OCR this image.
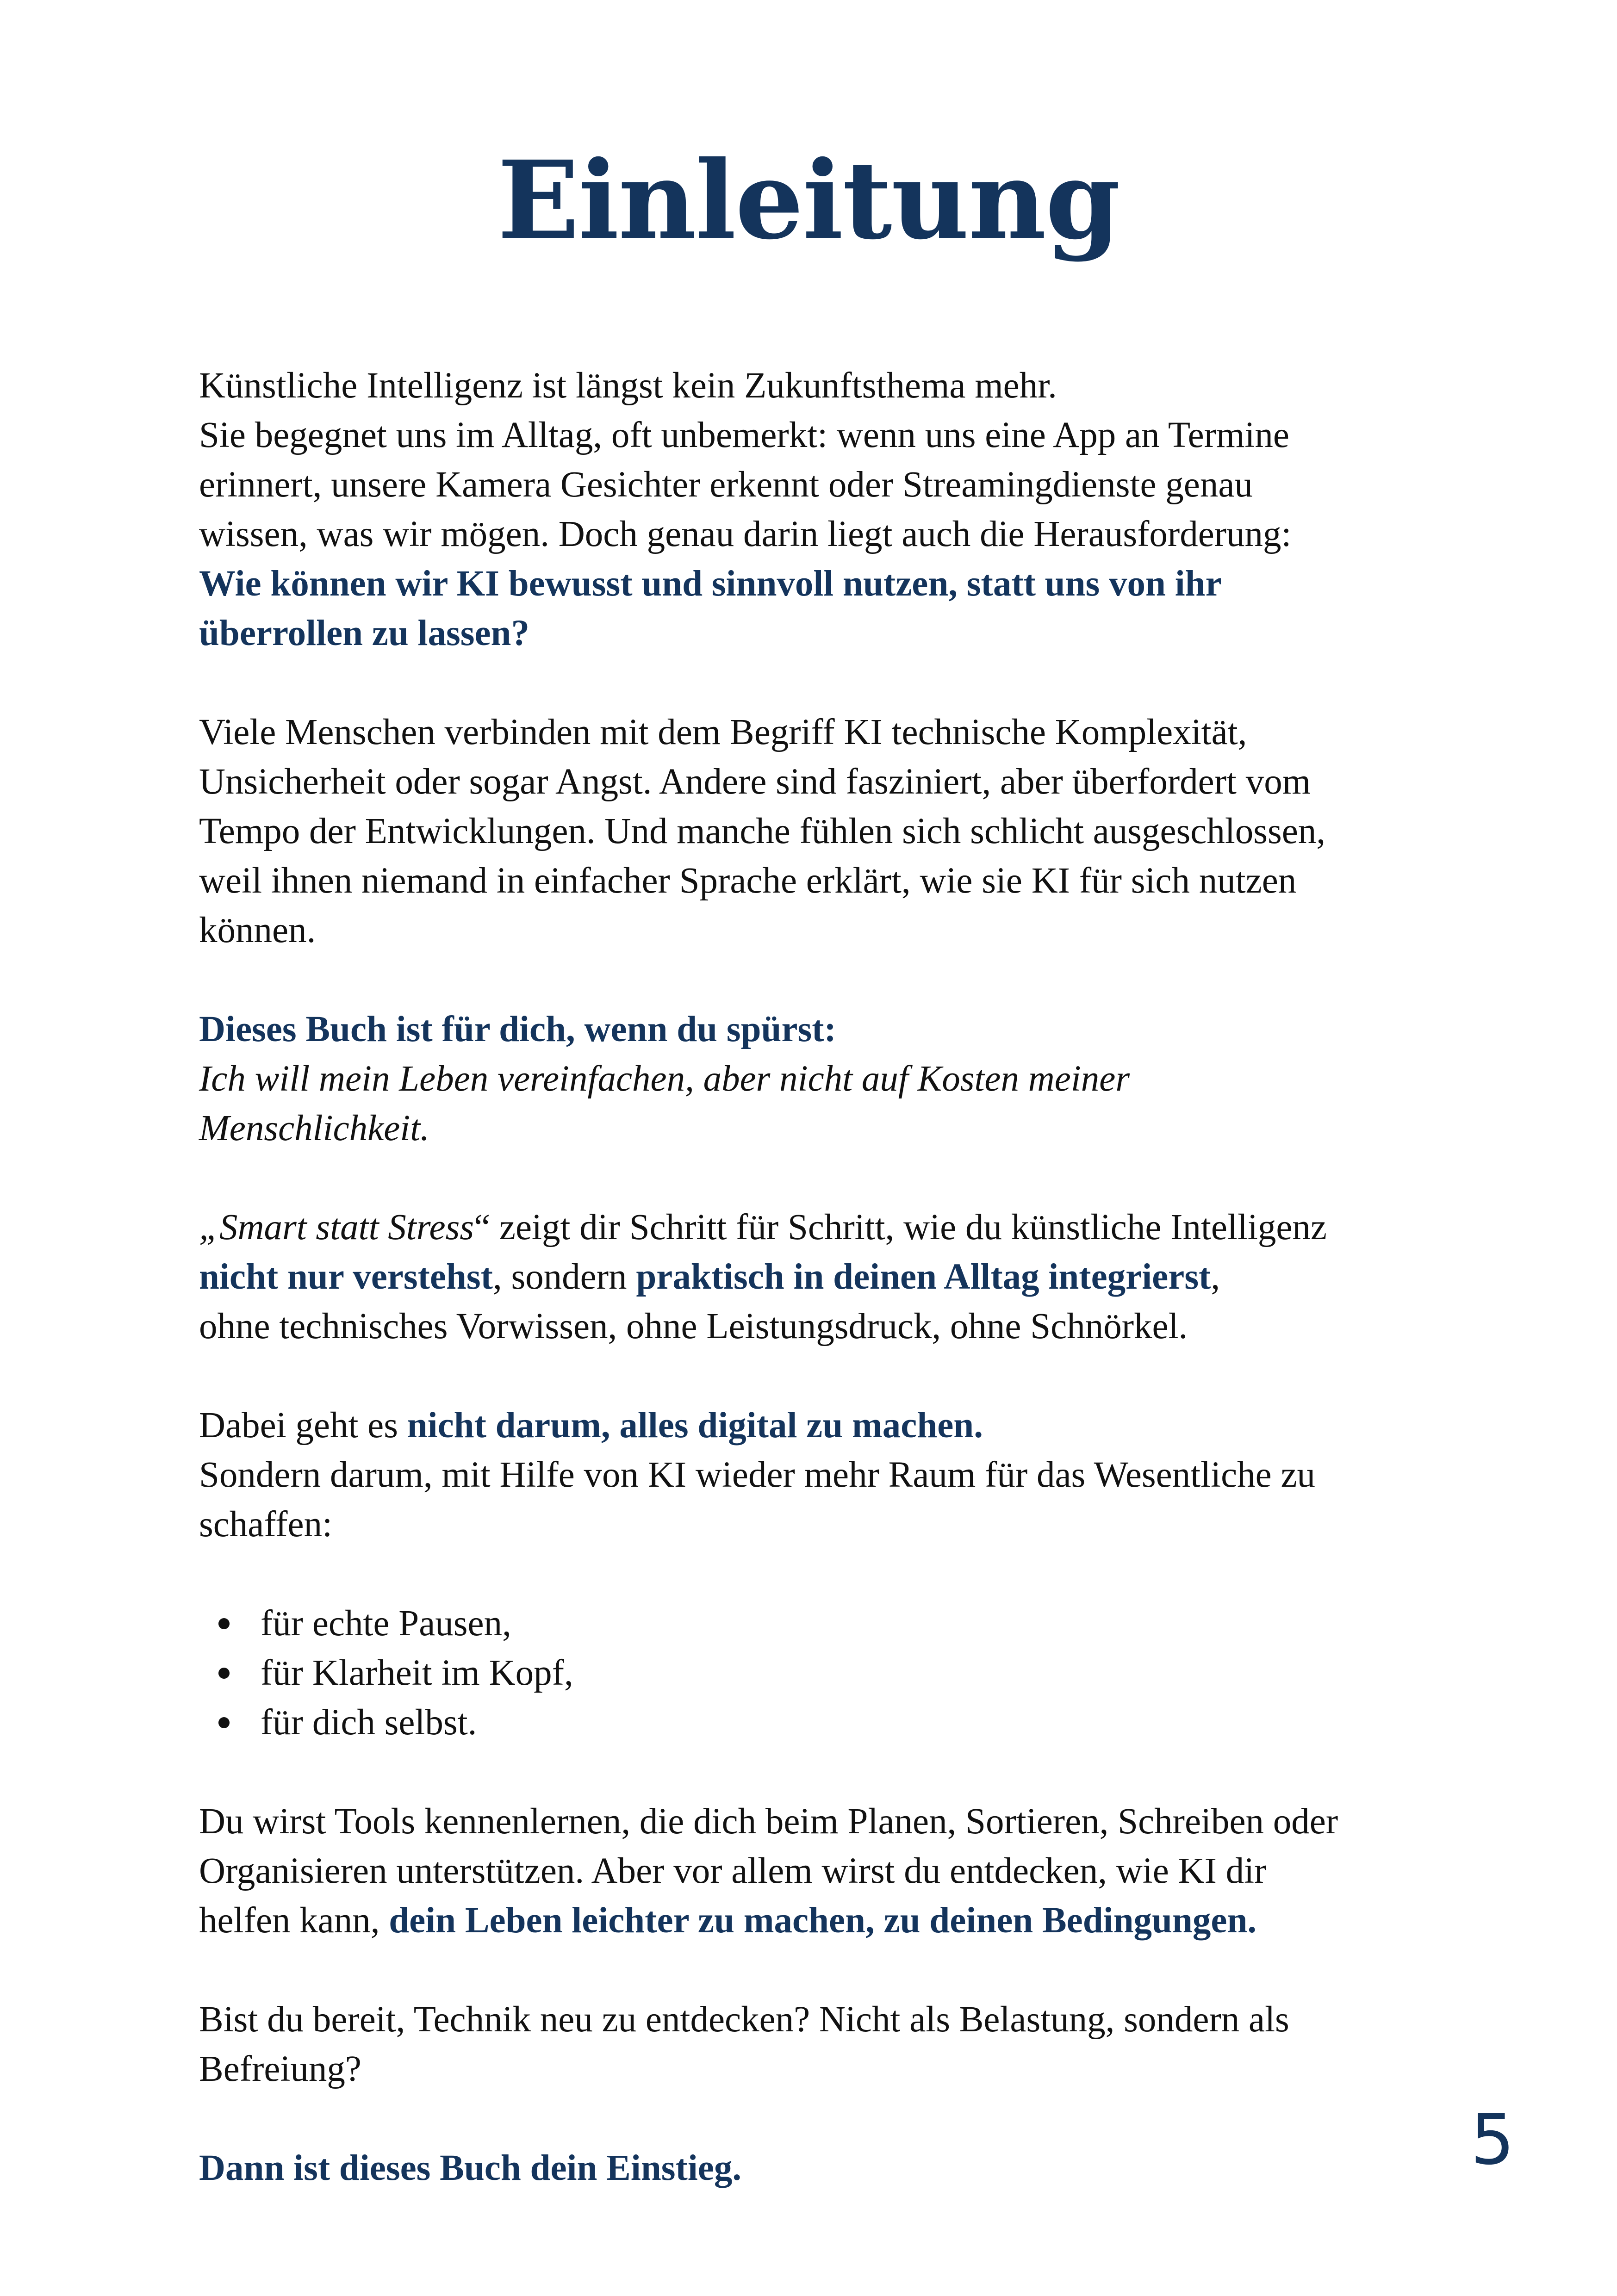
Einleitung

Künstliche Intelligenz ist längst kein Zukunftsthema mehr.
Sie begegnet uns im Alltag, oft unbemerkt: wenn uns eine App an Termine
erinnert, unsere Kamera Gesichter erkennt oder Streamingdienste genau
wissen, was wir mögen. Doch genau darin liegt auch die Herausforderung:
Wie können wir KI bewusst und sinnvoll nutzen, statt uns von ihr
überrollen zu lassen?

Viele Menschen verbinden mit dem Begriff KI technische Komplexität,
Unsicherheit oder sogar Angst. Andere sind fasziniert, aber überfordert vom
Tempo der Entwicklungen. Und manche fühlen sich schlicht ausgeschlossen,
weil ihnen niemand in einfacher Sprache erklärt, wie sie KI für sich nutzen
können.

Dieses Buch ist für dich, wenn du spürst:
Ich will mein Leben vereinfachen, aber nicht auf Kosten meiner
Menschlichkeit.

„Smart statt Stress“ zeigt dir Schritt für Schritt, wie du künstliche Intelligenz
nicht nur verstehst, sondern praktisch in deinen Alltag integrierst,
ohne technisches Vorwissen, ohne Leistungsdruck, ohne Schnörkel.

Dabei geht es nicht darum, alles digital zu machen.
Sondern darum, mit Hilfe von KI wieder mehr Raum für das Wesentliche zu
schaffen:

für echte Pausen,
für Klarheit im Kopf,
für dich selbst.

Du wirst Tools kennenlernen, die dich beim Planen, Sortieren, Schreiben oder
Organisieren unterstützen. Aber vor allem wirst du entdecken, wie KI dir
helfen kann, dein Leben leichter zu machen, zu deinen Bedingungen.

Bist du bereit, Technik neu zu entdecken? Nicht als Belastung, sondern als
Befreiung?

Dann ist dieses Buch dein Einstieg.	5
